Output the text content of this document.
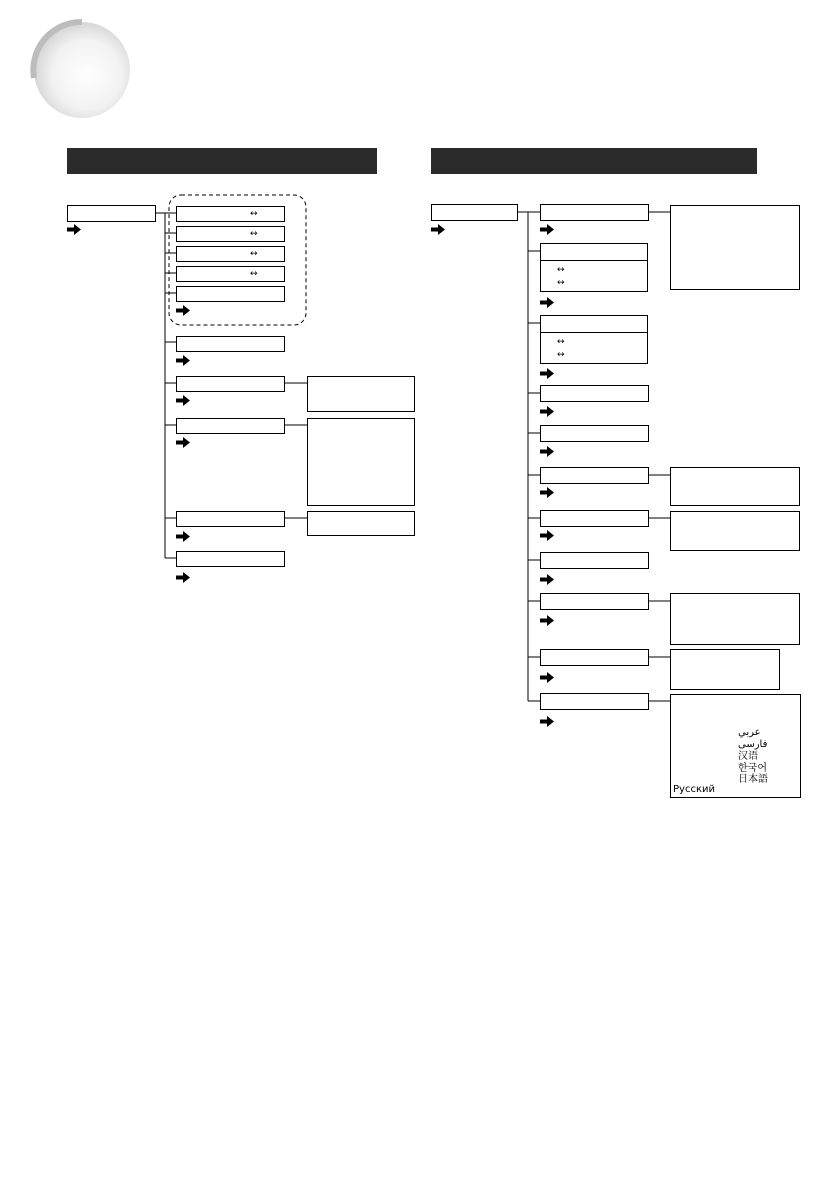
↔
↔
↔
↔	↔
↔
↔
↔
عربي
فارسی
汉语
한국어
日本語
Русский
